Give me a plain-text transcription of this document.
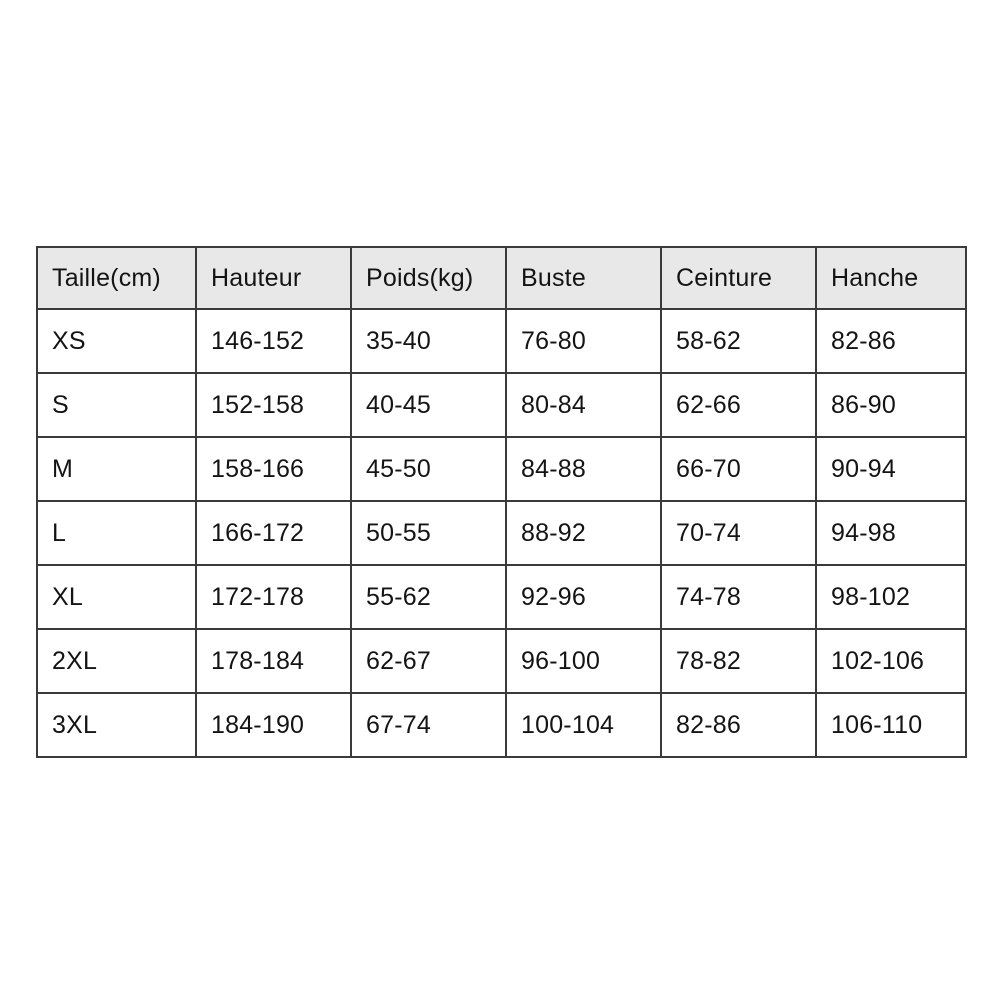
Taille(cm)	Hauteur	Poids(kg)	Buste	Ceinture	Hanche
XS	146-152	35-40	76-80	58-62	82-86
S	152-158	40-45	80-84	62-66	86-90
M	158-166	45-50	84-88	66-70	90-94
L	166-172	50-55	88-92	70-74	94-98
XL	172-178	55-62	92-96	74-78	98-102
2XL	178-184	62-67	96-100	78-82	102-106
3XL	184-190	67-74	100-104	82-86	106-110
